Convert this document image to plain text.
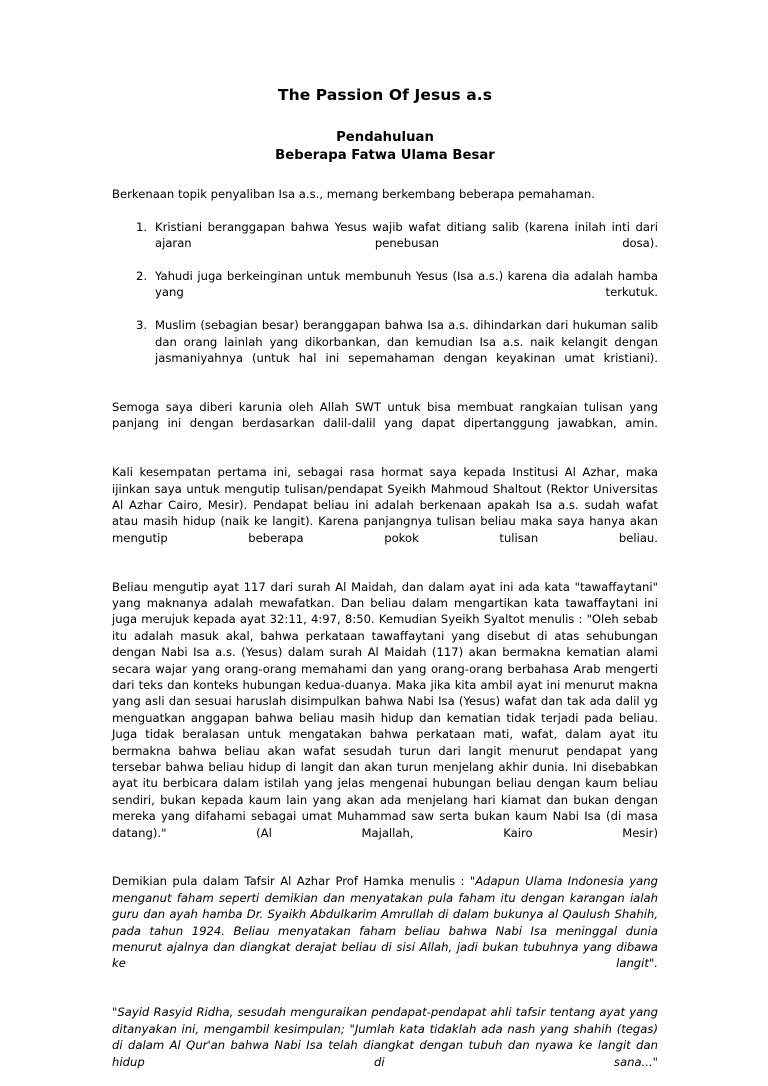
The Passion Of Jesus a.s
Pendahuluan
Beberapa Fatwa Ulama Besar

Berkenaan topik penyaliban Isa a.s., memang berkembang beberapa pemahaman.

Kristiani beranggapan bahwa Yesus wajib wafat ditiang salib (karena inilah inti dari ajaran penebusan dosa).
Yahudi juga berkeinginan untuk membunuh Yesus (Isa a.s.) karena dia adalah hamba yang terkutuk.
Muslim (sebagian besar) beranggapan bahwa Isa a.s. dihindarkan dari hukuman salib dan orang lainlah yang dikorbankan, dan kemudian Isa a.s. naik kelangit dengan jasmaniyahnya (untuk hal ini sepemahaman dengan keyakinan umat kristiani).

Semoga saya diberi karunia oleh Allah SWT untuk bisa membuat rangkaian tulisan yang panjang ini dengan berdasarkan dalil-dalil yang dapat dipertanggung jawabkan, amin.

Kali kesempatan pertama ini, sebagai rasa hormat saya kepada Institusi Al Azhar, maka ijinkan saya untuk mengutip tulisan/pendapat Syeikh Mahmoud Shaltout (Rektor Universitas Al Azhar Cairo, Mesir). Pendapat beliau ini adalah berkenaan apakah Isa a.s. sudah wafat atau masih hidup (naik ke langit). Karena panjangnya tulisan beliau maka saya hanya akan mengutip beberapa pokok tulisan beliau.

Beliau mengutip ayat 117 dari surah Al Maidah, dan dalam ayat ini ada kata "tawaffaytani" yang maknanya adalah mewafatkan. Dan beliau dalam mengartikan kata tawaffaytani ini juga merujuk kepada ayat 32:11, 4:97, 8:50. Kemudian Syeikh Syaltot menulis : "Oleh sebab itu adalah masuk akal, bahwa perkataan tawaffaytani yang disebut di atas sehubungan dengan Nabi Isa a.s. (Yesus) dalam surah Al Maidah (117) akan bermakna kematian alami secara wajar yang orang-orang memahami dan yang orang-orang berbahasa Arab mengerti dari teks dan konteks hubungan kedua-duanya. Maka jika kita ambil ayat ini menurut makna yang asli dan sesuai haruslah disimpulkan bahwa Nabi Isa (Yesus) wafat dan tak ada dalil yg menguatkan anggapan bahwa beliau masih hidup dan kematian tidak terjadi pada beliau. Juga tidak beralasan untuk mengatakan bahwa perkataan mati, wafat, dalam ayat itu bermakna bahwa beliau akan wafat sesudah turun dari langit menurut pendapat yang tersebar bahwa beliau hidup di langit dan akan turun menjelang akhir dunia. Ini disebabkan ayat itu berbicara dalam istilah yang jelas mengenai hubungan beliau dengan kaum beliau sendiri, bukan kepada kaum lain yang akan ada menjelang hari kiamat dan bukan dengan mereka yang difahami sebagai umat Muhammad saw serta bukan kaum Nabi Isa (di masa datang)." (Al Majallah, Kairo Mesir)

Demikian pula dalam Tafsir Al Azhar Prof Hamka menulis : "Adapun Ulama Indonesia yang menganut faham seperti demikian dan menyatakan pula faham itu dengan karangan ialah guru dan ayah hamba Dr. Syaikh Abdulkarim Amrullah di dalam bukunya al Qaulush Shahih, pada tahun 1924. Beliau menyatakan faham beliau bahwa Nabi Isa meninggal dunia menurut ajalnya dan diangkat derajat beliau di sisi Allah, jadi bukan tubuhnya yang dibawa ke langit".

"Sayid Rasyid Ridha, sesudah menguraikan pendapat-pendapat ahli tafsir tentang ayat yang ditanyakan ini, mengambil kesimpulan; "Jumlah kata tidaklah ada nash yang shahih (tegas) di dalam Al Qur'an bahwa Nabi Isa telah diangkat dengan tubuh dan nyawa ke langit dan hidup di sana..."
